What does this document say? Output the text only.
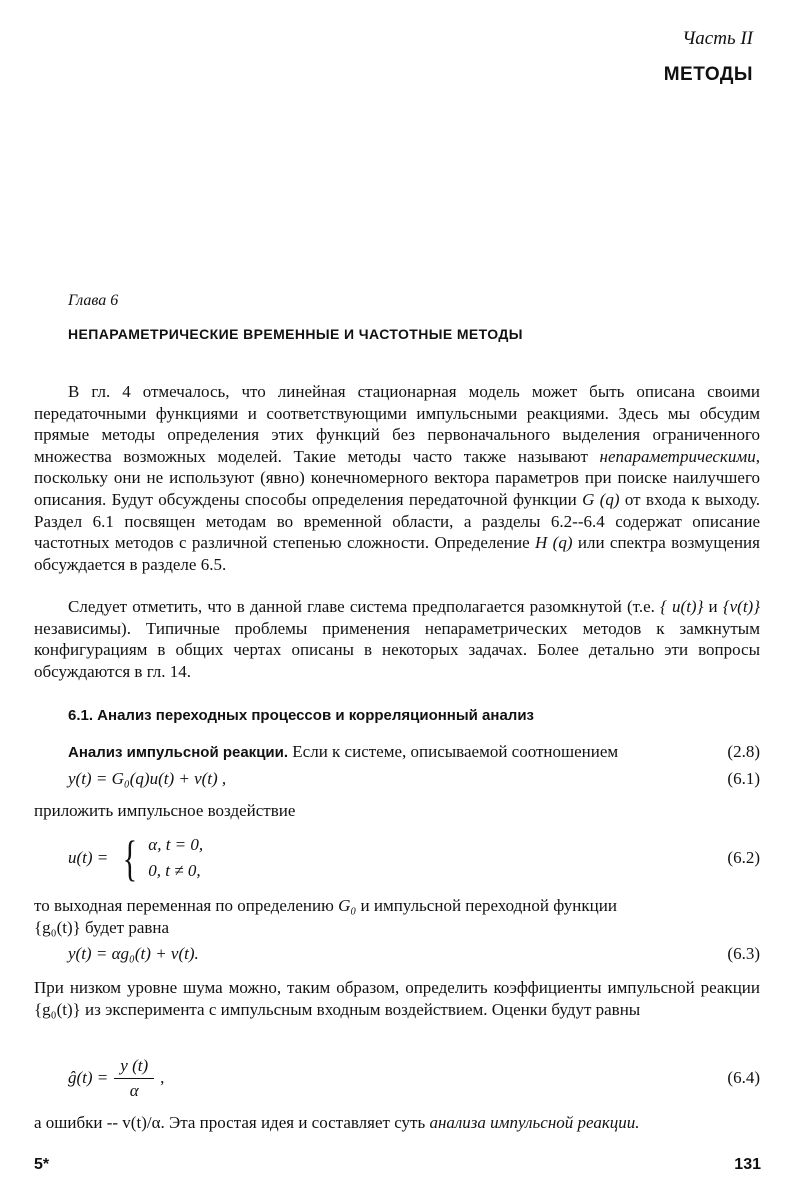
Часть II
МЕТОДЫ
Глава 6
НЕПАРАМЕТРИЧЕСКИЕ ВРЕМЕННЫЕ И ЧАСТОТНЫЕ МЕТОДЫ

В гл. 4 отмечалось, что линейная стационарная модель может быть описана своими передаточными функциями и соответствующими импульсными реакциями. Здесь мы обсудим прямые методы определения этих функций без первоначального выделения ограниченного множества возможных моделей. Такие методы часто также называют непараметрическими, поскольку они не используют (явно) конечномерного вектора параметров при поиске наилучшего описания. Будут обсуждены способы определения передаточной функции G (q) от входа к выходу. Раздел 6.1 посвящен методам во временной области, а разделы 6.2--6.4 содержат описание частотных методов с различной степенью сложности. Определение H (q) или спектра возмущения обсуждается в разделе 6.5.

Следует отметить, что в данной главе система предполагается разомкнутой (т.е. { u(t)} и {v(t)} независимы). Типичные проблемы применения непараметрических методов к замкнутым конфигурациям в общих чертах описаны в некоторых задачах. Более детально эти вопросы обсуждаются в гл. 14.

6.1. Анализ переходных процессов и корреляционный анализ
Анализ импульсной реакции. Если к системе, описываемой соотношением	(2.8)
y(t) = G₀(q)u(t) + v(t) ,	(6.1)
приложить импульсное воздействие
u(t) = { α, t = 0,
0, t ≠ 0,
(6.2)

то выходная переменная по определению G₀ и импульсной переходной функции
{g₀(t)} будет равна

y(t) = αg₀(t) + v(t).	(6.3)

При низком уровне шума можно, таким образом, определить коэффициенты импульсной реакции {g₀(t)} из эксперимента с импульсным входным воздействием. Оценки будут равны

ĝ(t) = $\frac{y (t)}{\alpha}$ ,	(6.4)
а ошибки -- v(t)/α. Эта простая идея и составляет суть анализа импульсной реакции.
5*	131
